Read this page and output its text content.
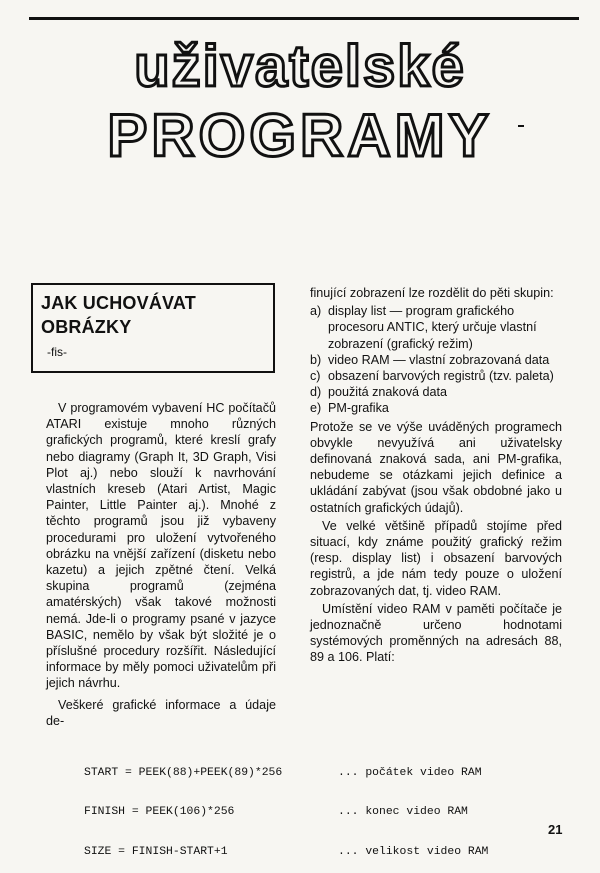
uživatelské
PROGRAMY
JAK UCHOVÁVAT
OBRÁZKY
-fis-

V programovém vybavení HC počítačů ATARI existuje mnoho různých grafických programů, které kreslí grafy nebo diagramy (Graph It, 3D Graph, Visi Plot aj.) nebo slouží k navrhování vlastních kreseb (Atari Artist, Magic Painter, Little Painter aj.). Mnohé z těchto programů jsou již vybaveny procedurami pro uložení vytvořeného obrázku na vnější zařízení (disketu nebo kazetu) a jejich zpětné čtení. Velká skupina programů (zejména amatérských) však takové možnosti nemá. Jde-li o programy psané v jazyce BASIC, nemělo by však být složité je o příslušné procedury rozšířit. Následující informace by měly pomoci uživatelům při jejich návrhu.

Veškeré grafické informace a údaje de-

finující zobrazení lze rozdělit do pěti skupin:

a) display list — program grafického procesoru ANTIC, který určuje vlastní zobrazení (grafický režim)
b) video RAM — vlastní zobrazovaná data
c) obsazení barvových registrů (tzv. paleta)
d) použitá znaková data
e) PM-grafika

Protože se ve výše uváděných programech obvykle nevyužívá ani uživatelsky definovaná znaková sada, ani PM-grafika, nebudeme se otázkami jejich definice a ukládání zabývat (jsou však obdobné jako u ostatních grafických údajů).

Ve velké většině případů stojíme před situací, kdy známe použitý grafický režim (resp. display list) i obsazení barvových registrů, a jde nám tedy pouze o uložení zobrazovaných dat, tj. video RAM.

Umístění video RAM v paměti počítače je jednoznačně určeno hodnotami systémových proměnných na adresách 88, 89 a 106. Platí:

START = PEEK(88)+PEEK(89)*256	... počátek video RAM

FINISH = PEEK(106)*256	... konec video RAM

SIZE = FINISH-START+1	... velikost video RAM

21
